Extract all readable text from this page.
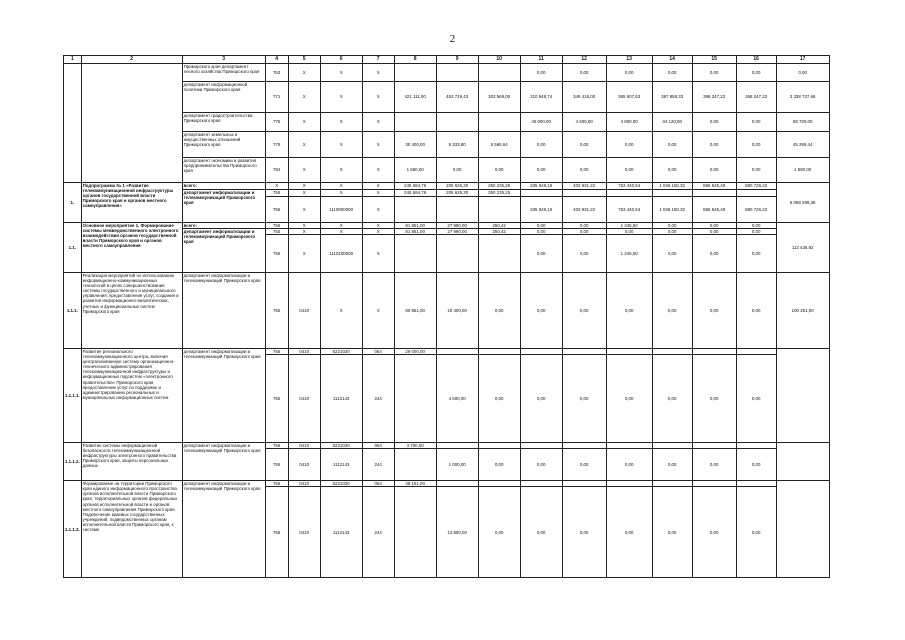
2
1	2	3	4	5	6	7	8	9	10	11	12	13	14	15	16	17
		Приморского края департамент лесного хозяйства Приморского края	763	X	X	X				0,00	0,00	0,00	0,00	0,00	0,00	0,00
		департамент информационной политики Приморского края	771	X	X	X	421 111,00	453 719,43	303 569,00	310 948,74	349 416,00	365 607,63	397 859,33	368 247,22	368 247,22	3 338 727,66
		департамент градостроительства Приморского края	775	X	X	X				45 000,00	4 600,00	4 800,00	34 120,00	0,00	0,00	88 720,00
		департамент земельных и имущественных отношений Приморского края	779	X	X	X	30 400,00	9 333,80	5 565,64	0,00	0,00	0,00	0,00	0,00	0,00	45 299,44
		департамент экономики и развития предпринимательства Приморского края	784	X	X	X	1 580,00	0,00	0,00	0,00	0,00	0,00	0,00	0,00	0,00	1 580,00
1.	Подпрограмма № 1 «Развитие телекоммуникационной инфраструктуры органов государственной власти Приморского края и органов местного самоуправления»	всего:	X	X	X	X	245 694,76	205 626,30	350 235,25	335 948,15	403 931,22	753 440,64	1 046 150,32	866 545,49	880 726,22	5 098 298,35
		департамент информатизации и телекоммуникаций Приморского края	755	X	X	X	245 694,76	205 626,30	350 235,25							
			755	X	1110000000	X				335 948,15	403 931,22	753 440,64	1 046 150,32	866 545,49	880 726,22	
1.1.	Основное мероприятие 1. Формирование системы межведомственного электронного взаимодействия органов государственной власти Приморского края и органов местного самоуправления	всего:	755	X	X	X	81 851,00	27 990,00	250,42	0,00	0,00	1 345,50	0,00	0,00	0,00	113 436,92
		департамент информатизации и телекоммуникаций Приморского края	755	X	X	X	81 851,00	27 990,00	250,42	0,00	0,00	0,00	0,00	0,00	0,00	
			755	X	1110100000	X				0,00	0,00	1 345,50	0,00	0,00	0,00	
1.1.1.	Реализация мероприятий по использованию информационно-коммуникационных технологий в целях совершенствования системы государственного и муниципального управления, предоставления услуг, создания и развития информационно-аналитических, учетных и функциональных систем Приморского края	департамент информатизации и телекоммуникаций Приморского края	755	0410	X	X	80 851,00	19 400,00	0,00	0,00	0,00	0,00	0,00	0,00	0,00	100 251,00
1.1.1.1.	Развитие регионального телекоммуникационного центра, включая централизованную систему организационно-технического администрирования телекоммуникационной инфраструктуры и информационных подсистем «электронного правительства» Приморского края, предоставление услуг по поддержке и администрированию региональных и муниципальных информационных систем	департамент информатизации и телекоммуникаций Приморского края	755	0410	5221020	064	29 000,00									
			755	0410	1112143	244		4 600,00	0,00	0,00	0,00	0,00	0,00	0,00	0,00	
1.1.1.2.	Развитие системы информационной безопасности телекоммуникационной инфраструктуры электронного правительства Приморского края, защиты персональных данных	департамент информатизации и телекоммуникаций Приморского края	755	0410	5221020	064	3 700,00									
			755	0410	1112143	244		1 000,00	0,00	0,00	0,00	0,00	0,00	0,00	0,00	
1.1.1.3.	Формирование на территории Приморского края единого информационного пространства органов исполнительной власти Приморского края, территориальных органов федеральных органов исполнительной власти и органов местного самоуправления Приморского края. Подключение краевых государственных учреждений, подведомственных органам исполнительной власти Приморского края, к системе	департамент информатизации и телекоммуникаций Приморского края	755	0410	5221020	064	48 151,00									
			755	0410	1112143	244		13 800,00	0,00	0,00	0,00	0,00	0,00	0,00	0,00	
